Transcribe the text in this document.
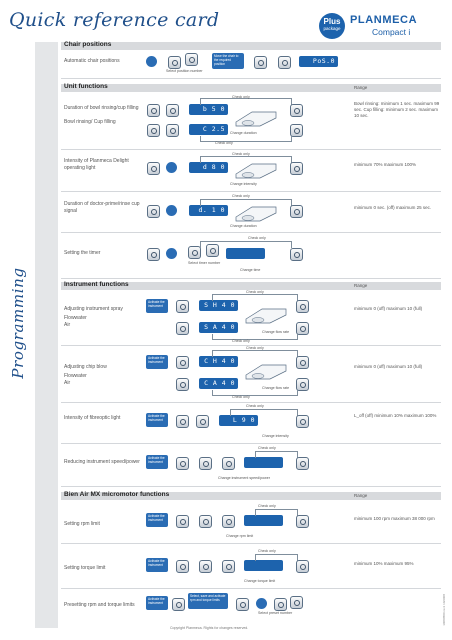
Quick reference card	Plus
package
PLANMECA
Compact i
Programming
Chair positions
Automatic chair positions
Move the chair to the required position	PoS.0
Select position number
Unit functions	Range
Duration of bowl rinsing/cup filling
Bowl rinsing/ Cup filling
b 5 0
C 2.5
Check only
Change duration
Check only
Bowl rinsing: minimum 1 sec. maximum 99 sec. Cup filling: minimum 2 sec. maximum 10 sec.
Intensity of Planmeca Delight operating light	d 8 0
Check only
Change intensity
minimum 70% maximum 100%
Duration of doctor-prime/rinse cup signal	d. 1 0
Check only
Change duration
minimum 0 sec. (off) maximum 25 sec.
Setting the timer
Check only
Select timer number
Change time
Instrument functions	Range
Adjusting instrument spray
Flowwater
Air
Activate the instrument	S H 4 0
S A 4 0
Check only
Change flow rate
Check only
minimum 0 (off) maximum 10 (full)
Adjusting chip blow
Flowwater
Air
Activate the instrument	C H 4 0
C A 4 0
Check only
Change flow rate
Check only
minimum 0 (off) maximum 10 (full)
Intensity of fibreoptic light	Activate the instrument	L 9 0
Check only
Change intensity
L_off (off) minimum 10% maximum 100%
Reducing instrument speed/power
Activate the instrument
Check only
Change instrument speed/power
Bien Air MX micromotor functions	Range
Setting rpm limit
Activate the instrument
Check only
Change rpm limit
minimum 100 rpm maximum 38 000 rpm
Setting torque limit
Activate the instrument
Check only
Change torque limit
minimum 10% maximum 95%
Presetting rpm and torque limits
Activate the instrument
Select, save and activate rpm and torque limits
Select preset number
Copyright Planmeca. Rights for changes reserved.
10080580 rev1 10/2008
